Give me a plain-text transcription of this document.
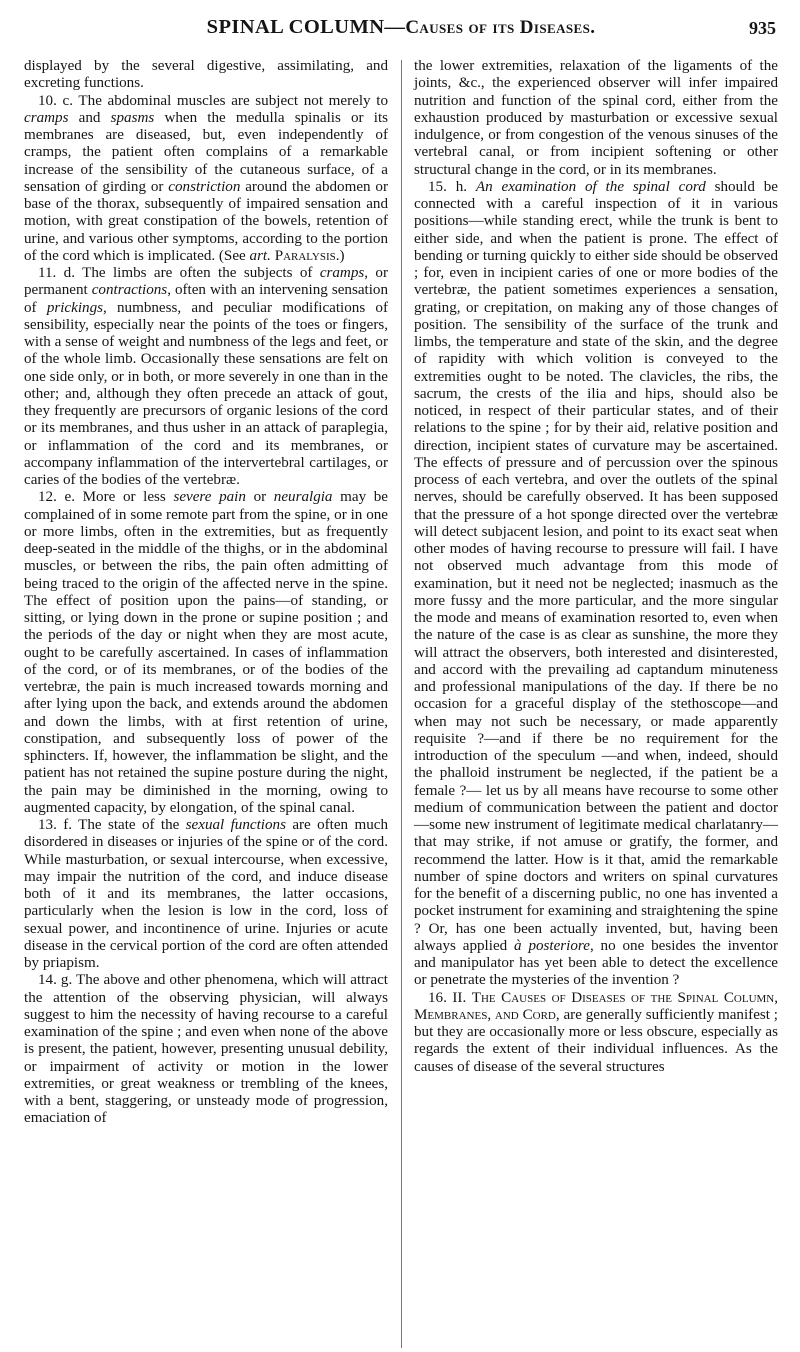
SPINAL COLUMN—Causes of its Diseases.	935

displayed by the several digestive, assimilating, and excreting functions.

10. c. The abdominal muscles are subject not merely to cramps and spasms when the medulla spinalis or its membranes are diseased, but, even independently of cramps, the patient often complains of a remarkable increase of the sensibility of the cutaneous surface, of a sensation of girding or constriction around the abdomen or base of the thorax, subsequently of impaired sensation and motion, with great constipation of the bowels, retention of urine, and various other symptoms, according to the portion of the cord which is implicated. (See art. Paralysis.)

11. d. The limbs are often the subjects of cramps, or permanent contractions, often with an intervening sensation of prickings, numbness, and peculiar modifications of sensibility, especially near the points of the toes or fingers, with a sense of weight and numbness of the legs and feet, or of the whole limb. Occasionally these sensations are felt on one side only, or in both, or more severely in one than in the other; and, although they often precede an attack of gout, they frequently are precursors of organic lesions of the cord or its membranes, and thus usher in an attack of paraplegia, or inflammation of the cord and its membranes, or accompany inflammation of the intervertebral cartilages, or caries of the bodies of the vertebræ.

12. e. More or less severe pain or neuralgia may be complained of in some remote part from the spine, or in one or more limbs, often in the extremities, but as frequently deep-seated in the middle of the thighs, or in the abdominal muscles, or between the ribs, the pain often admitting of being traced to the origin of the affected nerve in the spine. The effect of position upon the pains—of standing, or sitting, or lying down in the prone or supine position ; and the periods of the day or night when they are most acute, ought to be carefully ascertained. In cases of inflammation of the cord, or of its membranes, or of the bodies of the vertebræ, the pain is much increased towards morning and after lying upon the back, and extends around the abdomen and down the limbs, with at first retention of urine, constipation, and subsequently loss of power of the sphincters. If, however, the inflammation be slight, and the patient has not retained the supine posture during the night, the pain may be diminished in the morning, owing to augmented capacity, by elongation, of the spinal canal.

13. f. The state of the sexual functions are often much disordered in diseases or injuries of the spine or of the cord. While masturbation, or sexual intercourse, when excessive, may impair the nutrition of the cord, and induce disease both of it and its membranes, the latter occasions, particularly when the lesion is low in the cord, loss of sexual power, and incontinence of urine. Injuries or acute disease in the cervical portion of the cord are often attended by priapism.

14. g. The above and other phenomena, which will attract the attention of the observing physician, will always suggest to him the necessity of having recourse to a careful examination of the spine ; and even when none of the above is present, the patient, however, presenting unusual debility, or impairment of activity or motion in the lower extremities, or great weakness or trembling of the knees, with a bent, staggering, or unsteady mode of progression, emaciation of

the lower extremities, relaxation of the ligaments of the joints, &c., the experienced observer will infer impaired nutrition and function of the spinal cord, either from the exhaustion produced by masturbation or excessive sexual indulgence, or from congestion of the venous sinuses of the vertebral canal, or from incipient softening or other structural change in the cord, or in its membranes.

15. h. An examination of the spinal cord should be connected with a careful inspection of it in various positions—while standing erect, while the trunk is bent to either side, and when the patient is prone. The effect of bending or turning quickly to either side should be observed ; for, even in incipient caries of one or more bodies of the vertebræ, the patient sometimes experiences a sensation, grating, or crepitation, on making any of those changes of position. The sensibility of the surface of the trunk and limbs, the temperature and state of the skin, and the degree of rapidity with which volition is conveyed to the extremities ought to be noted. The clavicles, the ribs, the sacrum, the crests of the ilia and hips, should also be noticed, in respect of their particular states, and of their relations to the spine ; for by their aid, relative position and direction, incipient states of curvature may be ascertained. The effects of pressure and of percussion over the spinous process of each vertebra, and over the outlets of the spinal nerves, should be carefully observed. It has been supposed that the pressure of a hot sponge directed over the vertebræ will detect subjacent lesion, and point to its exact seat when other modes of having recourse to pressure will fail. I have not observed much advantage from this mode of examination, but it need not be neglected; inasmuch as the more fussy and the more particular, and the more singular the mode and means of examination resorted to, even when the nature of the case is as clear as sunshine, the more they will attract the observers, both interested and disinterested, and accord with the prevailing ad captandum minuteness and professional manipulations of the day. If there be no occasion for a graceful display of the stethoscope—and when may not such be necessary, or made apparently requisite ?—and if there be no requirement for the introduction of the speculum —and when, indeed, should the phalloid instrument be neglected, if the patient be a female ?— let us by all means have recourse to some other medium of communication between the patient and doctor—some new instrument of legitimate medical charlatanry—that may strike, if not amuse or gratify, the former, and recommend the latter. How is it that, amid the remarkable number of spine doctors and writers on spinal curvatures for the benefit of a discerning public, no one has invented a pocket instrument for examining and straightening the spine ? Or, has one been actually invented, but, having been always applied à posteriore, no one besides the inventor and manipulator has yet been able to detect the excellence or penetrate the mysteries of the invention ?

16. II. The Causes of Diseases of the Spinal Column, Membranes, and Cord, are generally sufficiently manifest ; but they are occasionally more or less obscure, especially as regards the extent of their individual influences. As the causes of disease of the several structures
